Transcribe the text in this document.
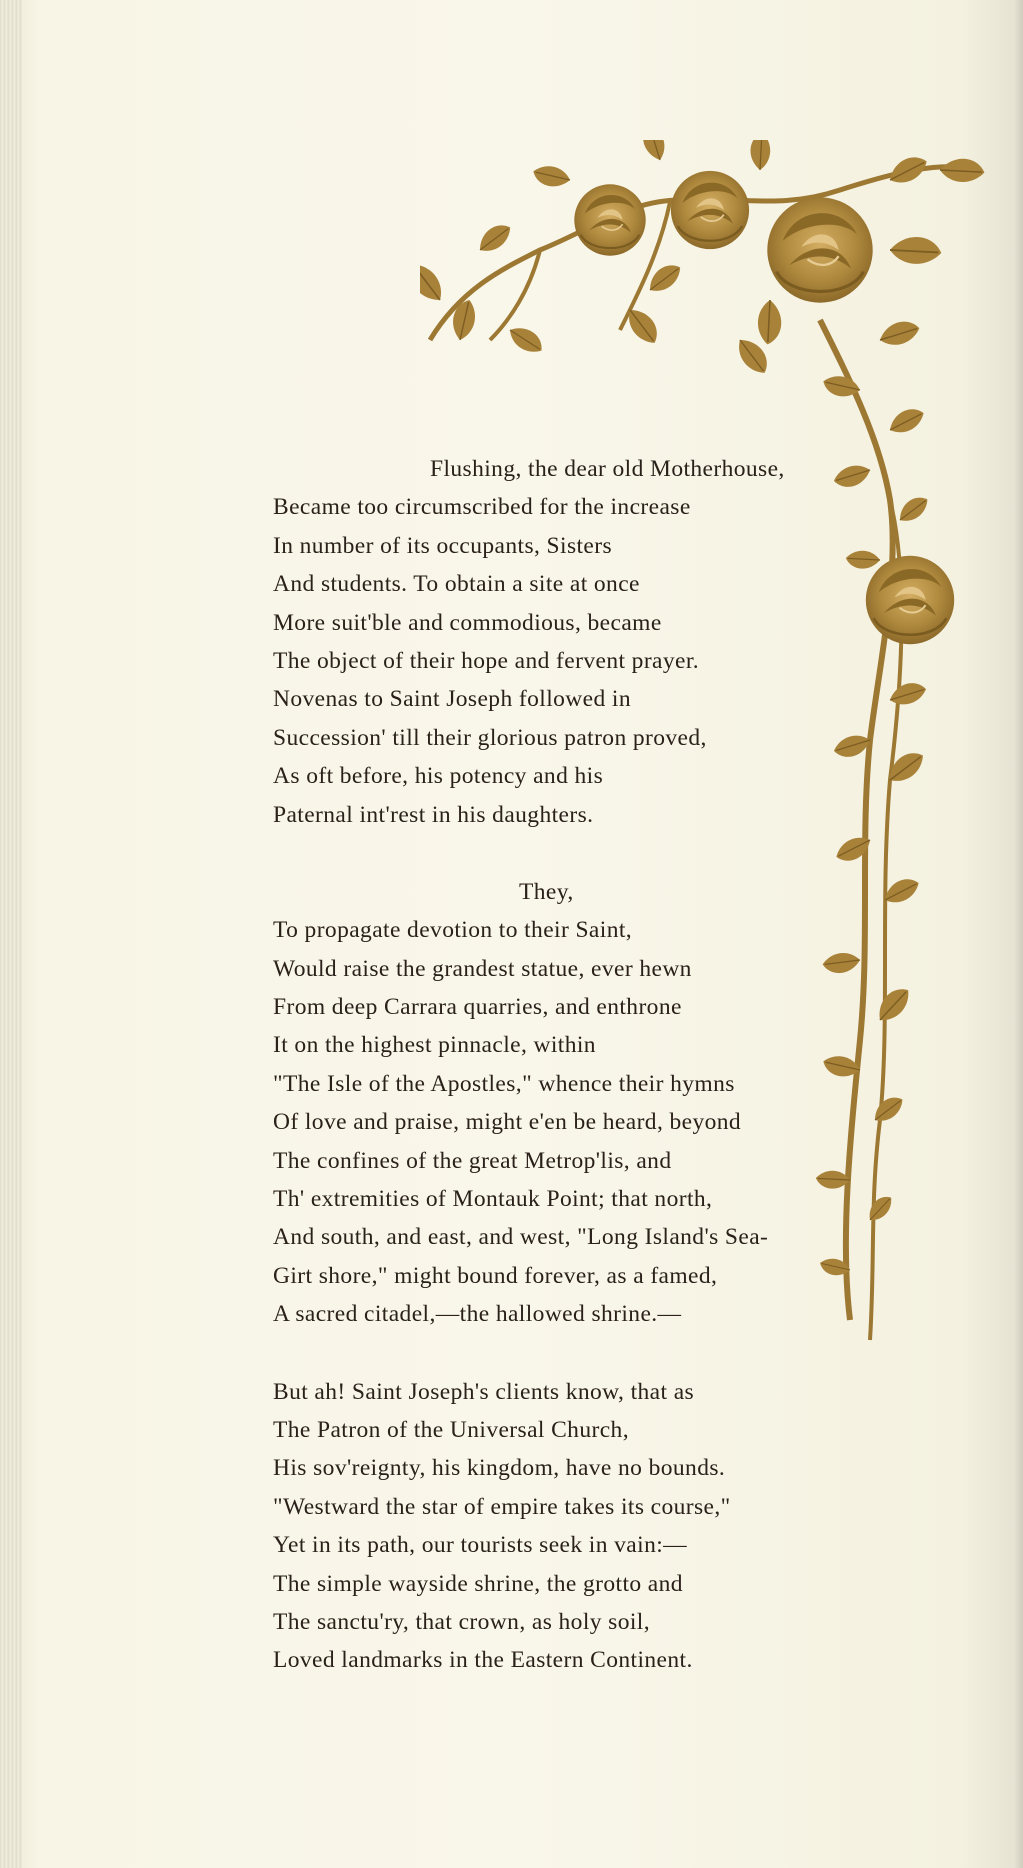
Flushing, the dear old Motherhouse,
Became too circumscribed for the increase
In number of its occupants, Sisters
And students. To obtain a site at once
More suit'ble and commodious, became
The object of their hope and fervent prayer.
Novenas to Saint Joseph followed in
Succession' till their glorious patron proved,
As oft before, his potency and his
Paternal int'rest in his daughters.
They,
To propagate devotion to their Saint,
Would raise the grandest statue, ever hewn
From deep Carrara quarries, and enthrone
It on the highest pinnacle, within
"The Isle of the Apostles," whence their hymns
Of love and praise, might e'en be heard, beyond
The confines of the great Metrop'lis, and
Th' extremities of Montauk Point; that north,
And south, and east, and west, "Long Island's Sea-
Girt shore," might bound forever, as a famed,
A sacred citadel,—the hallowed shrine.—
But ah! Saint Joseph's clients know, that as
The Patron of the Universal Church,
His sov'reignty, his kingdom, have no bounds.
"Westward the star of empire takes its course,"
Yet in its path, our tourists seek in vain:—
The simple wayside shrine, the grotto and
The sanctu'ry, that crown, as holy soil,
Loved landmarks in the Eastern Continent.
